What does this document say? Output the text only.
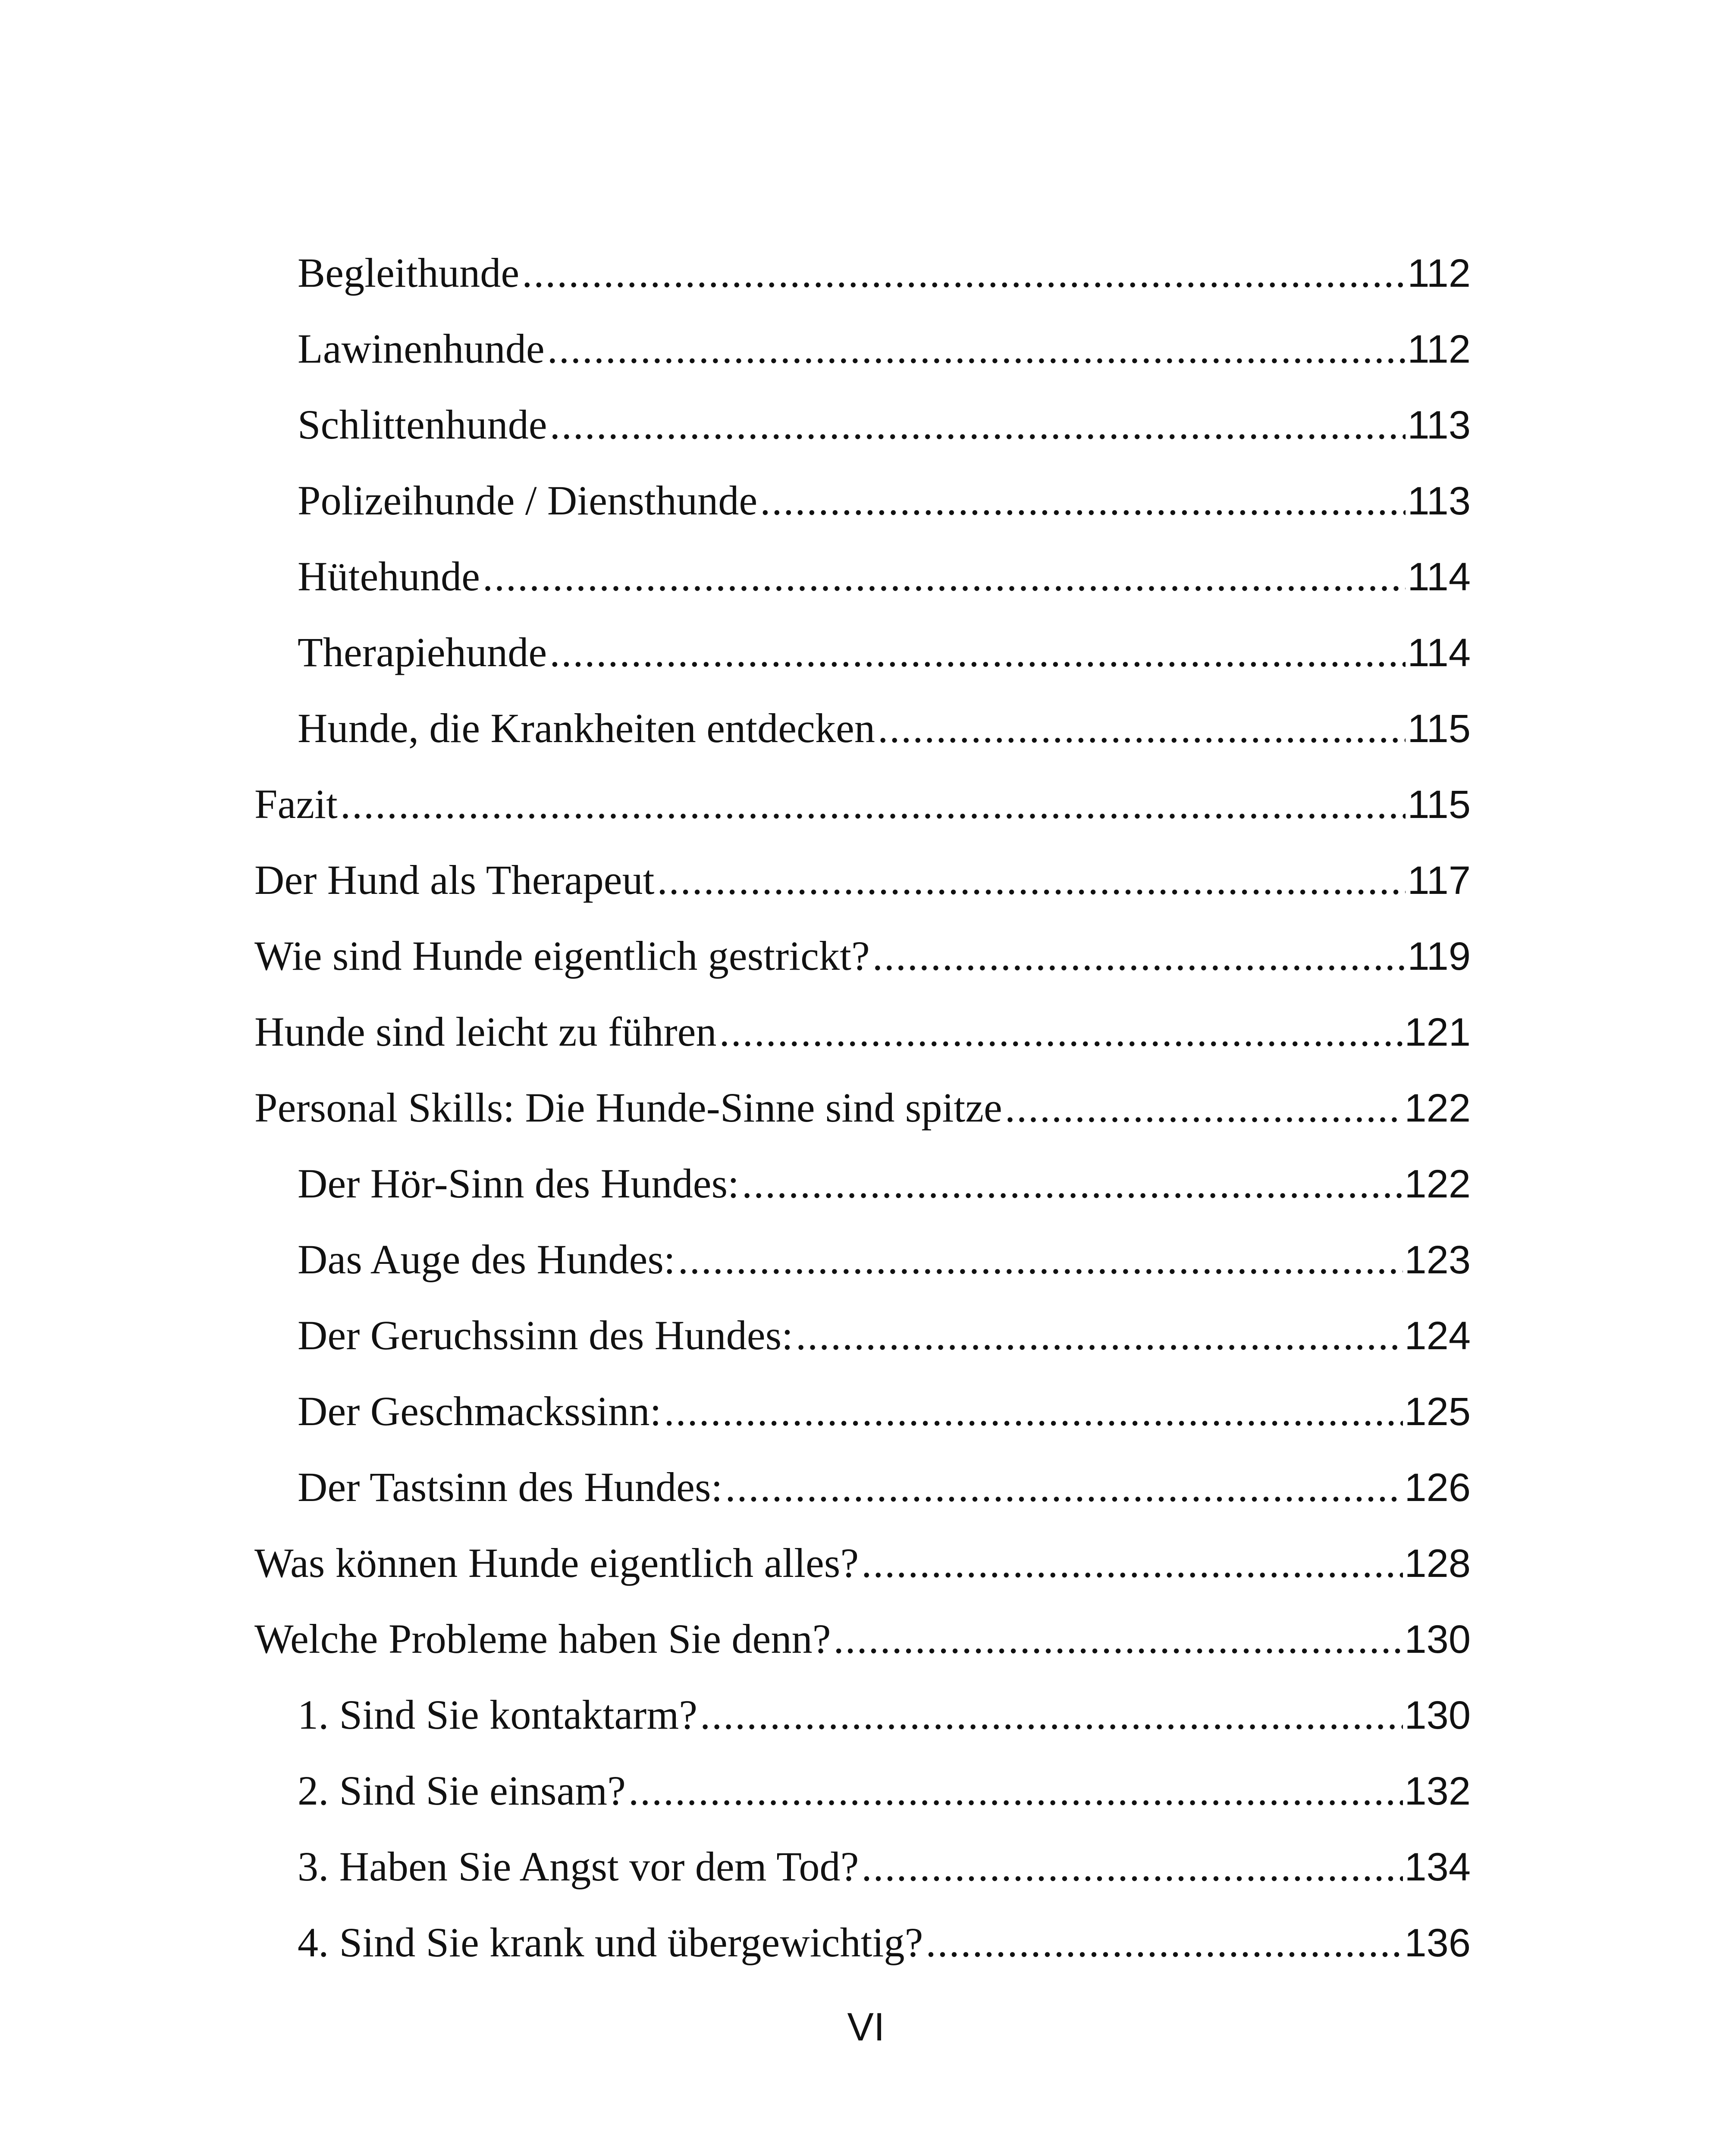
Begleithunde .....	112
Lawinenhunde .....	112
Schlittenhunde .....	113
Polizeihunde / Diensthunde .....	113
Hütehunde .....	114
Therapiehunde .....	114
Hunde, die Krankheiten entdecken .....	115
Fazit .....	115
Der Hund als Therapeut .....	117
Wie sind Hunde eigentlich gestrickt? .....	119
Hunde sind leicht zu führen .....	121
Personal Skills: Die Hunde-Sinne sind spitze .....	122
Der Hör-Sinn des Hundes: .....	122
Das Auge des Hundes: .....	123
Der Geruchssinn des Hundes: .....	124
Der Geschmackssinn: .....	125
Der Tastsinn des Hundes: .....	126
Was können Hunde eigentlich alles? .....	128
Welche Probleme haben Sie denn? .....	130
1. Sind Sie kontaktarm? .....	130
2. Sind Sie einsam? .....	132
3. Haben Sie Angst vor dem Tod? .....	134
4. Sind Sie krank und übergewichtig? .....	136
VI
